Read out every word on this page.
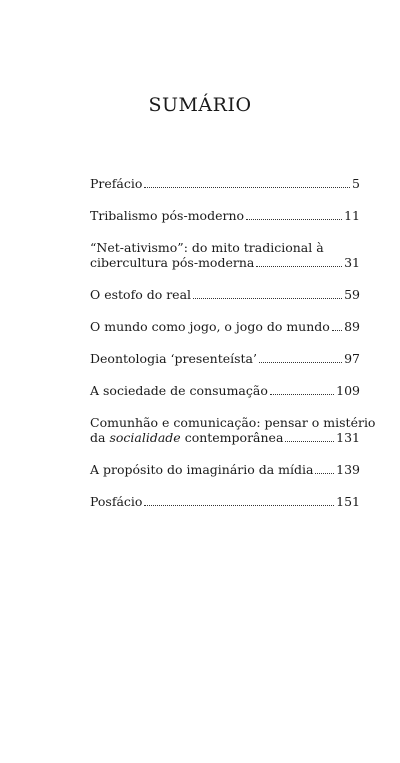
SUMÁRIO
Prefácio	5
Tribalismo pós-moderno	11
“Net-ativismo”: do mito tradicional à
cibercultura pós-moderna	31
O estofo do real	59
O mundo como jogo, o jogo do mundo 89
Deontologia ‘presenteísta’	97
A sociedade de consumação	109
Comunhão e comunicação: pensar o mistério
da socialidade contemporânea	131
A propósito do imaginário da mídia 139
Posfácio	151
